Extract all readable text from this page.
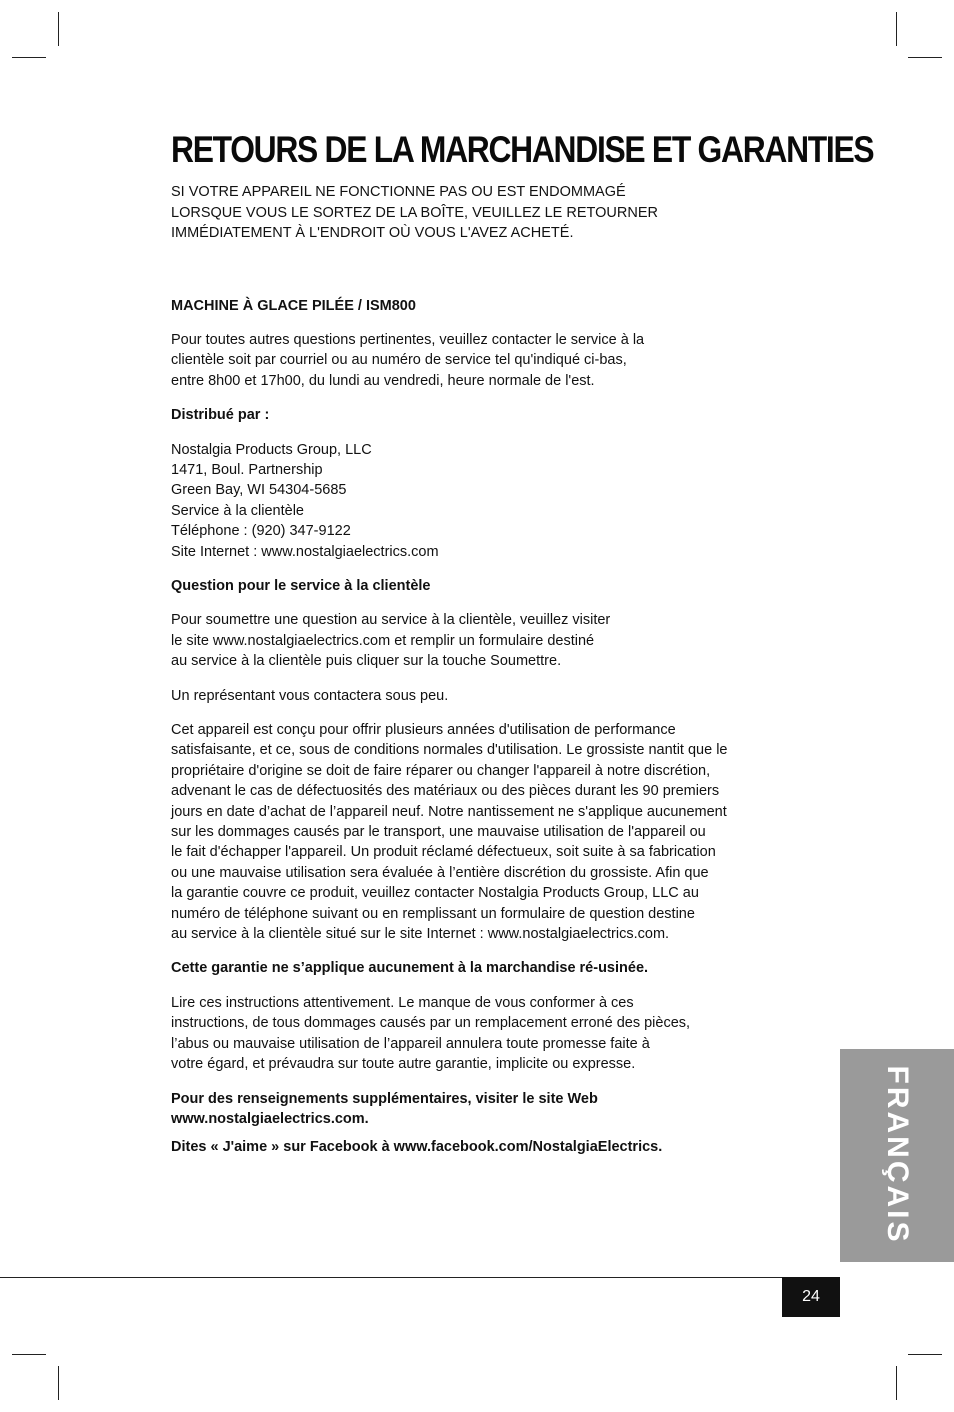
RETOURS DE LA MARCHANDISE ET GARANTIES
SI VOTRE APPAREIL NE FONCTIONNE PAS OU EST ENDOMMAGÉ
LORSQUE VOUS LE SORTEZ DE LA BOÎTE, VEUILLEZ LE RETOURNER
IMMÉDIATEMENT À L'ENDROIT OÙ VOUS L'AVEZ ACHETÉ.

MACHINE À GLACE PILÉE / ISM800

Pour toutes autres questions pertinentes, veuillez contacter le service à la
clientèle soit par courriel ou au numéro de service tel qu'indiqué ci-bas,
entre 8h00 et 17h00, du lundi au vendredi, heure normale de l'est.

Distribué par :

Nostalgia Products Group, LLC
1471, Boul. Partnership
Green Bay, WI 54304-5685
Service à la clientèle
Téléphone : (920) 347-9122
Site Internet : www.nostalgiaelectrics.com

Question pour le service à la clientèle

Pour soumettre une question au service à la clientèle, veuillez visiter
le site www.nostalgiaelectrics.com et remplir un formulaire destiné
au service à la clientèle puis cliquer sur la touche Soumettre.

Un représentant vous contactera sous peu.

Cet appareil est conçu pour offrir plusieurs années d'utilisation de performance
satisfaisante, et ce, sous de conditions normales d'utilisation. Le grossiste nantit que le
propriétaire d'origine se doit de faire réparer ou changer l'appareil à notre discrétion,
advenant le cas de défectuosités des matériaux ou des pièces durant les 90 premiers
jours en date d’achat de l’appareil neuf. Notre nantissement ne s'applique aucunement
sur les dommages causés par le transport, une mauvaise utilisation de l'appareil ou
le fait d'échapper l'appareil. Un produit réclamé défectueux, soit suite à sa fabrication
ou une mauvaise utilisation sera évaluée à l’entière discrétion du grossiste. Afin que
la garantie couvre ce produit, veuillez contacter Nostalgia Products Group, LLC au
numéro de téléphone suivant ou en remplissant un formulaire de question destine
au service à la clientèle situé sur le site Internet : www.nostalgiaelectrics.com.

Cette garantie ne s’applique aucunement à la marchandise ré-usinée.

Lire ces instructions attentivement. Le manque de vous conformer à ces
instructions, de tous dommages causés par un remplacement erroné des pièces,
l’abus ou mauvaise utilisation de l’appareil annulera toute promesse faite à
votre égard, et prévaudra sur toute autre garantie, implicite ou expresse.

Pour des renseignements supplémentaires, visiter le site Web
www.nostalgiaelectrics.com.

Dites « J'aime » sur Facebook à www.facebook.com/NostalgiaElectrics.	FRANÇAIS
24
